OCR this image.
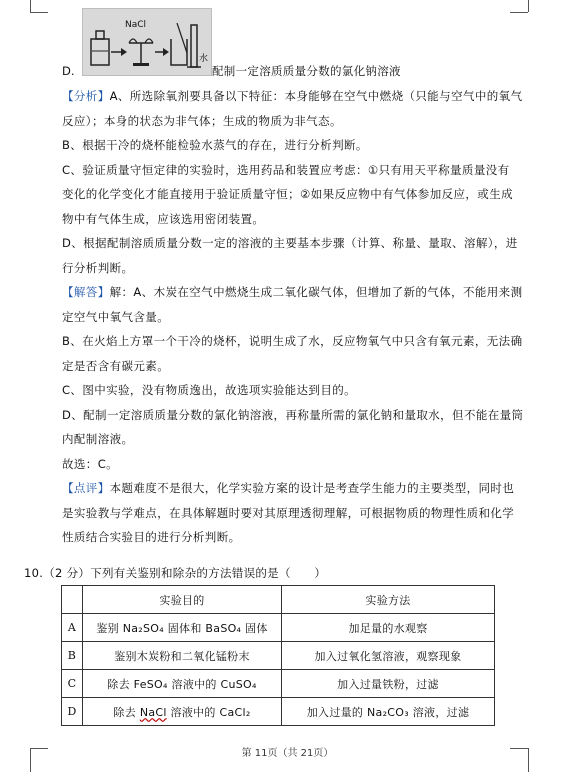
D.
NaCl
水
配制一定溶质质量分数的氯化钠溶液
【分析】A、所选除氧剂要具备以下特征：本身能够在空气中燃烧（只能与空气中的氧气
反应）；本身的状态为非气体；生成的物质为非气态。
B、根据干冷的烧杯能检验水蒸气的存在，进行分析判断。
C、验证质量守恒定律的实验时，选用药品和装置应考虑：①只有用天平称量质量没有
变化的化学变化才能直接用于验证质量守恒；②如果反应物中有气体参加反应，或生成
物中有气体生成，应该选用密闭装置。
D、根据配制溶质质量分数一定的溶液的主要基本步骤（计算、称量、量取、溶解），进
行分析判断。
【解答】解：A、木炭在空气中燃烧生成二氧化碳气体，但增加了新的气体，不能用来测
定空气中氧气含量。
B、在火焰上方罩一个干冷的烧杯，说明生成了水，反应物氧气中只含有氧元素，无法确
定是否含有碳元素。
C、图中实验，没有物质逸出，故选项实验能达到目的。
D、配制一定溶质质量分数的氯化钠溶液，再称量所需的氯化钠和量取水，但不能在量筒
内配制溶液。
故选：C。
【点评】本题难度不是很大，化学实验方案的设计是考查学生能力的主要类型，同时也
是实验教与学难点，在具体解题时要对其原理透彻理解，可根据物质的物理性质和化学
性质结合实验目的进行分析判断。
10.（2 分）下列有关鉴别和除杂的方法错误的是（　　）
	实验目的	实验方法
A	鉴别 Na₂SO₄ 固体和 BaSO₄ 固体	加足量的水观察
B	鉴别木炭粉和二氧化锰粉末	加入过氧化氢溶液，观察现象
C	除去 FeSO₄ 溶液中的 CuSO₄	加入过量铁粉，过滤
D	除去 NaCl 溶液中的 CaCl₂	加入过量的 Na₂CO₃ 溶液，过滤
第 11页（共 21页）
